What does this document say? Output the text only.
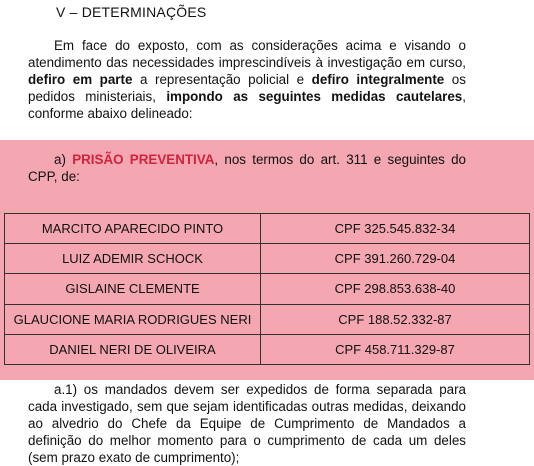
V – DETERMINAÇÕES
Em face do exposto, com as considerações acima e visando o atendimento das necessidades imprescindíveis à investigação em curso, defiro em parte a representação policial e defiro integralmente os pedidos ministeriais, impondo as seguintes medidas cautelares, conforme abaixo delineado:
a) PRISÃO PREVENTIVA, nos termos do art. 311 e seguintes do CPP, de:
MARCITO APARECIDO PINTO	CPF 325.545.832-34
LUIZ ADEMIR SCHOCK	CPF 391.260.729-04
GISLAINE CLEMENTE	CPF 298.853.638-40
GLAUCIONE MARIA RODRIGUES NERI	CPF 188.52.332-87
DANIEL NERI DE OLIVEIRA	CPF 458.711.329-87
a.1) os mandados devem ser expedidos de forma separada para cada investigado, sem que sejam identificadas outras medidas, deixando ao alvedrio do Chefe da Equipe de Cumprimento de Mandados a definição do melhor momento para o cumprimento de cada um deles (sem prazo exato de cumprimento);
